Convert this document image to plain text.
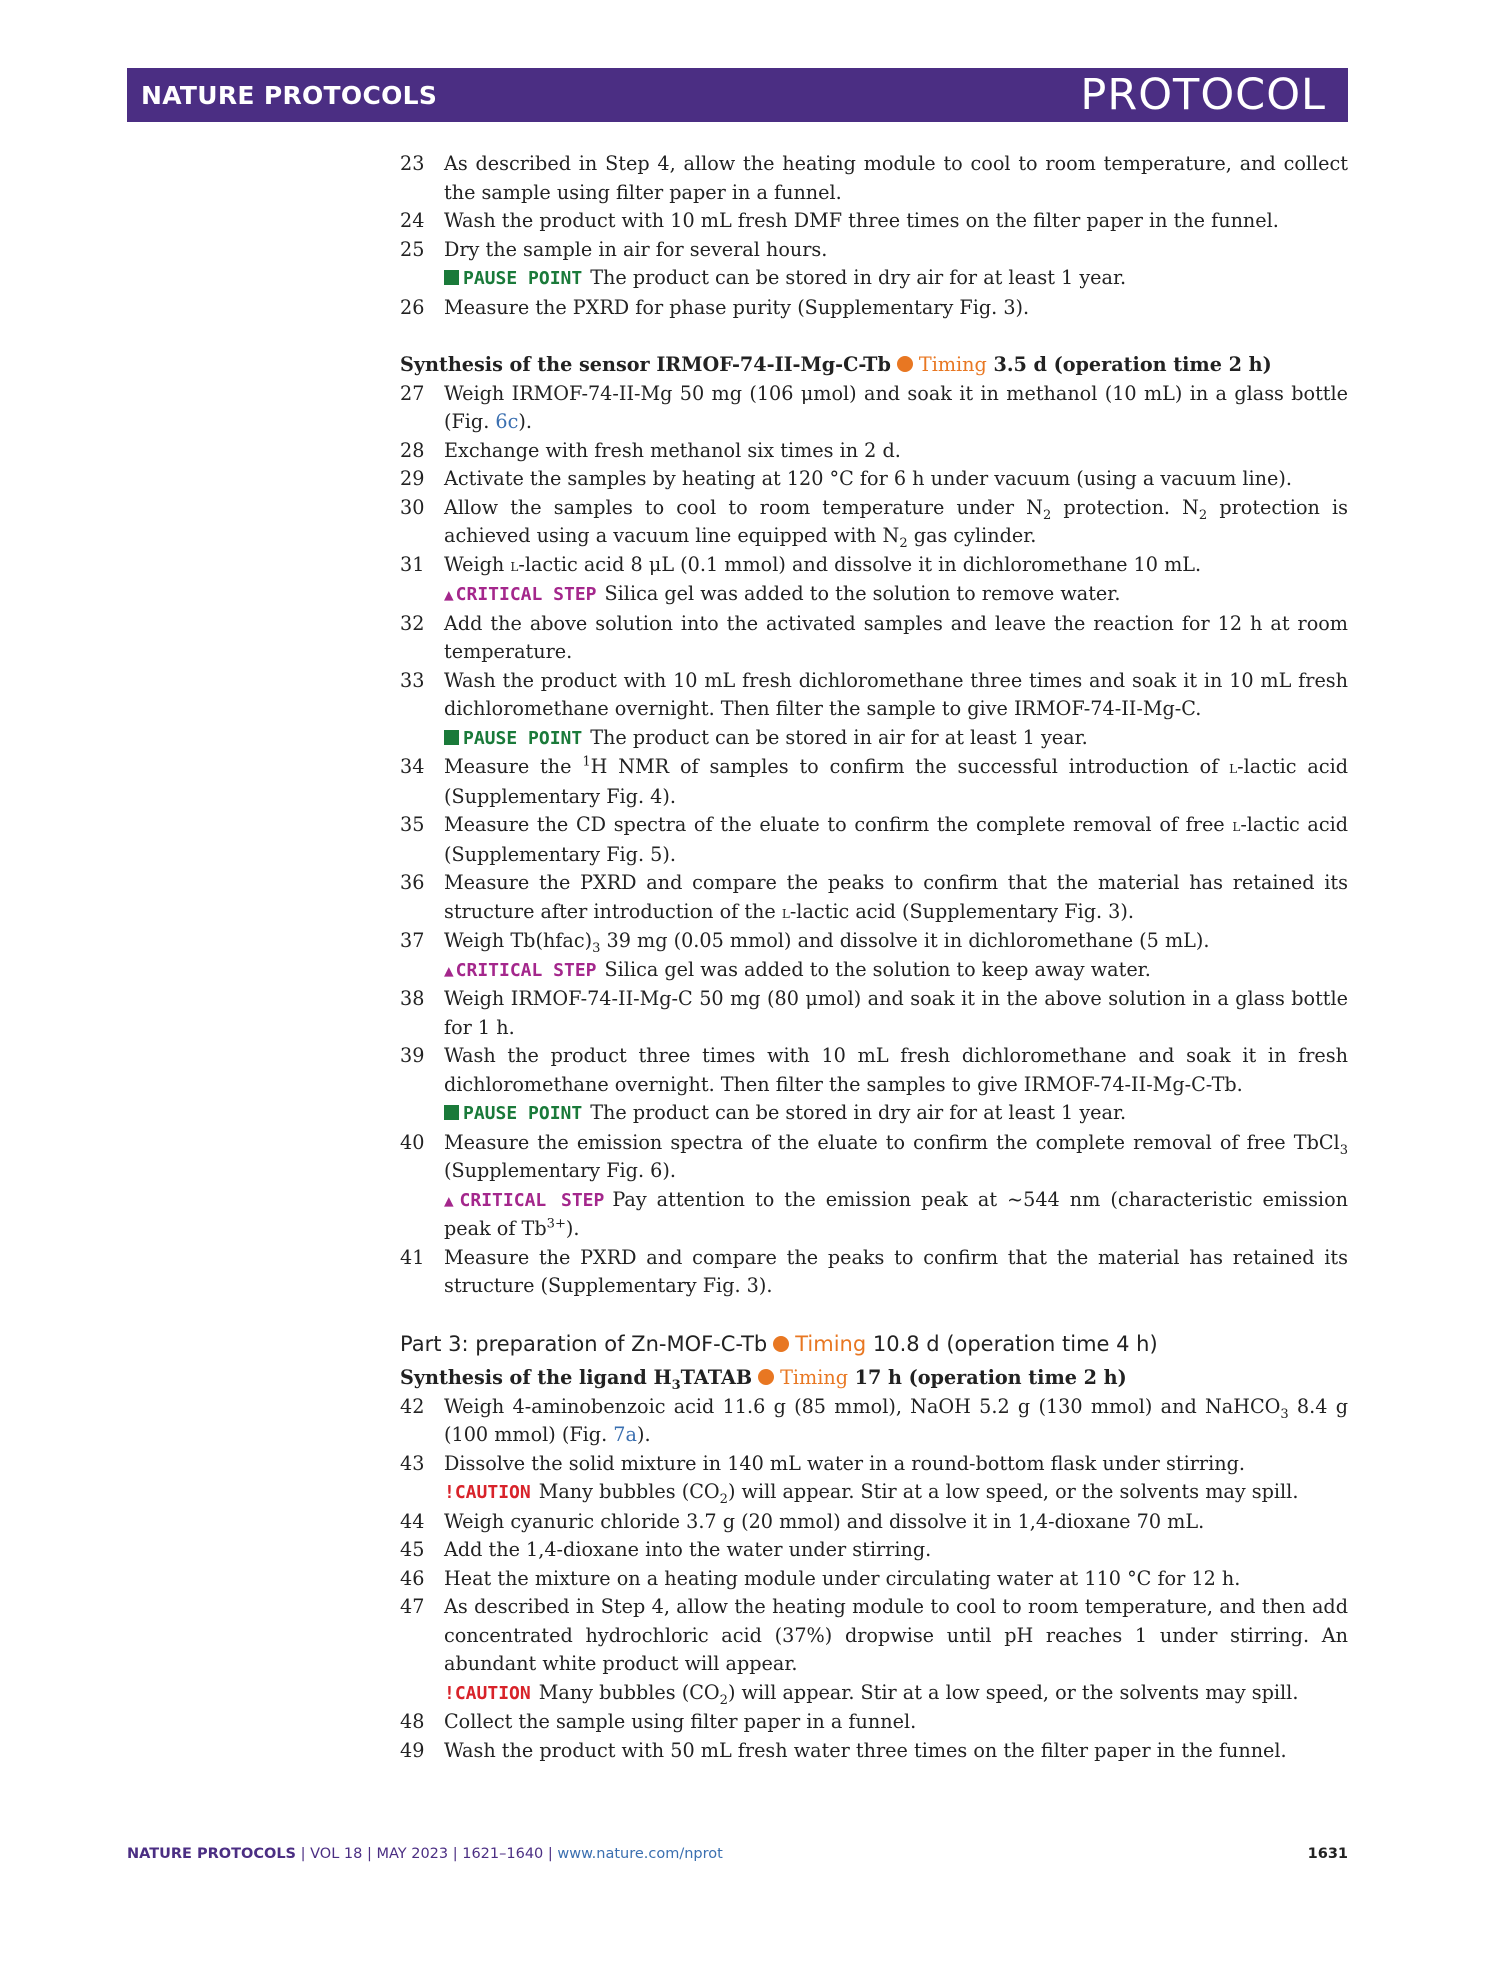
NATURE PROTOCOLS	PROTOCOL
23	As described in Step 4, allow the heating module to cool to room temperature, and collect the sample using filter paper in a funnel.
24	Wash the product with 10 mL fresh DMF three times on the filter paper in the funnel.
25	Dry the sample in air for several hours.
PAUSE POINT The product can be stored in dry air for at least 1 year.
26	Measure the PXRD for phase purity (Supplementary Fig. 3).
Synthesis of the sensor IRMOF-74-II-Mg-C-Tb Timing 3.5 d (operation time 2 h)
27	Weigh IRMOF-74-II-Mg 50 mg (106 μmol) and soak it in methanol (10 mL) in a glass bottle (Fig. 6c).
28	Exchange with fresh methanol six times in 2 d.
29	Activate the samples by heating at 120 °C for 6 h under vacuum (using a vacuum line).
30	Allow the samples to cool to room temperature under $N_2$ protection. $N_2$ protection is achieved using a vacuum line equipped with $N_2$ gas cylinder.
31	Weigh l-lactic acid 8 μL (0.1 mmol) and dissolve it in dichloromethane 10 mL.
▲ CRITICAL STEP Silica gel was added to the solution to remove water.
32	Add the above solution into the activated samples and leave the reaction for 12 h at room temperature.
33	Wash the product with 10 mL fresh dichloromethane three times and soak it in 10 mL fresh dichloromethane overnight. Then filter the sample to give IRMOF-74-II-Mg-C.
PAUSE POINT The product can be stored in air for at least 1 year.
34	Measure the $^1$H NMR of samples to confirm the successful introduction of l-lactic acid (Supplementary Fig. 4).
35	Measure the CD spectra of the eluate to confirm the complete removal of free l-lactic acid (Supplementary Fig. 5).
36	Measure the PXRD and compare the peaks to confirm that the material has retained its structure after introduction of the l-lactic acid (Supplementary Fig. 3).
37	Weigh $Tb(hfac)_3$ 39 mg (0.05 mmol) and dissolve it in dichloromethane (5 mL).
▲ CRITICAL STEP Silica gel was added to the solution to keep away water.
38	Weigh IRMOF-74-II-Mg-C 50 mg (80 μmol) and soak it in the above solution in a glass bottle for 1 h.
39	Wash the product three times with 10 mL fresh dichloromethane and soak it in fresh dichloromethane overnight. Then filter the samples to give IRMOF-74-II-Mg-C-Tb.
PAUSE POINT The product can be stored in dry air for at least 1 year.
40	Measure the emission spectra of the eluate to confirm the complete removal of free TbCl$_3$ (Supplementary Fig. 6).
▲ CRITICAL STEP Pay attention to the emission peak at ~544 nm (characteristic emission peak of $Tb^{3+}$).
41	Measure the PXRD and compare the peaks to confirm that the material has retained its structure (Supplementary Fig. 3).
Part 3: preparation of Zn-MOF-C-Tb Timing 10.8 d (operation time 4 h)
Synthesis of the ligand $H_3TATAB$ Timing 17 h (operation time 2 h)
42	Weigh 4-aminobenzoic acid 11.6 g (85 mmol), NaOH 5.2 g (130 mmol) and NaHCO$_3$ 8.4 g (100 mmol) (Fig. 7a).
43	Dissolve the solid mixture in 140 mL water in a round-bottom flask under stirring.
!CAUTION Many bubbles $(CO_2)$ will appear. Stir at a low speed, or the solvents may spill.
44	Weigh cyanuric chloride 3.7 g (20 mmol) and dissolve it in 1,4-dioxane 70 mL.
45	Add the 1,4-dioxane into the water under stirring.
46	Heat the mixture on a heating module under circulating water at 110 °C for 12 h.
47	As described in Step 4, allow the heating module to cool to room temperature, and then add concentrated hydrochloric acid (37%) dropwise until pH reaches 1 under stirring. An abundant white product will appear.
!CAUTION Many bubbles $(CO_2)$ will appear. Stir at a low speed, or the solvents may spill.
48	Collect the sample using filter paper in a funnel.
49	Wash the product with 50 mL fresh water three times on the filter paper in the funnel.
NATURE PROTOCOLS | VOL 18 | MAY 2023 | 1621–1640 | www.nature.com/nprot	1631
